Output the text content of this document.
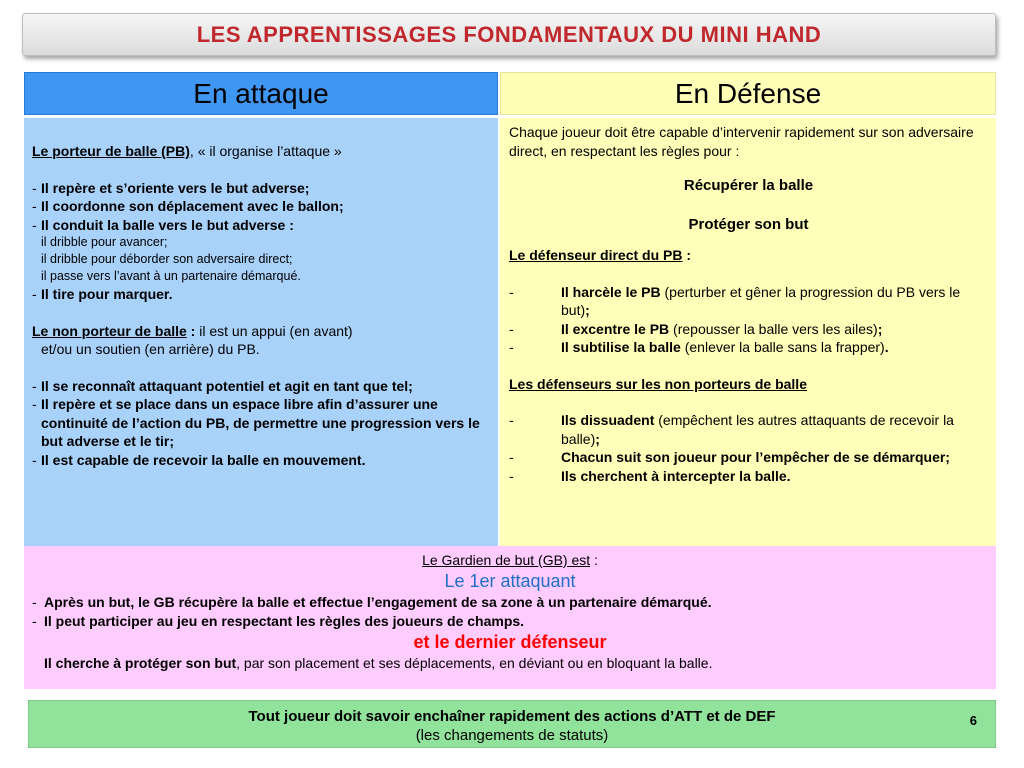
LES APPRENTISSAGES FONDAMENTAUX DU MINI HAND
En attaque	En Défense

Le porteur de balle (PB), « il organise l’attaque »

- Il repère et s’oriente vers le but adverse;
- Il coordonne son déplacement avec le ballon;
- Il conduit la balle vers le but adverse :
il dribble pour avancer;
il dribble pour déborder son adversaire direct;
il passe vers l’avant à un partenaire démarqué.
- Il tire pour marquer.

Le non porteur de balle : il est un appui (en avant)

et/ou un soutien (en arrière) du PB.

- Il se reconnaît attaquant potentiel et agit en tant que tel;
- Il repère et se place dans un espace libre afin d’assurer une continuité de l’action du PB, de permettre une progression vers le but adverse et le tir;
- Il est capable de recevoir la balle en mouvement.

Chaque joueur doit être capable d’intervenir rapidement sur son adversaire direct, en respectant les règles pour :

Récupérer la balle

Protéger son but

Le défenseur direct du PB :

-	Il harcèle le PB (perturber et gêner la progression du PB vers le but);
-	Il excentre le PB (repousser la balle vers les ailes);
-	Il subtilise la balle (enlever la balle sans la frapper).

Les défenseurs sur les non porteurs de balle

-	Ils dissuadent (empêchent les autres attaquants de recevoir la balle);
-	Chacun suit son joueur pour l’empêcher de se démarquer;
-	Ils cherchent à intercepter la balle.

Le Gardien de but (GB) est :

Le 1er attaquant

- Après un but, le GB récupère la balle et effectue l’engagement de sa zone à un partenaire démarqué.
- Il peut participer au jeu en respectant les règles des joueurs de champs.

et le dernier défenseur

Il cherche à protéger son but, par son placement et ses déplacements, en déviant ou en bloquant la balle.

Tout joueur doit savoir enchaîner rapidement des actions d’ATT et de DEF
(les changements de statuts)
6
